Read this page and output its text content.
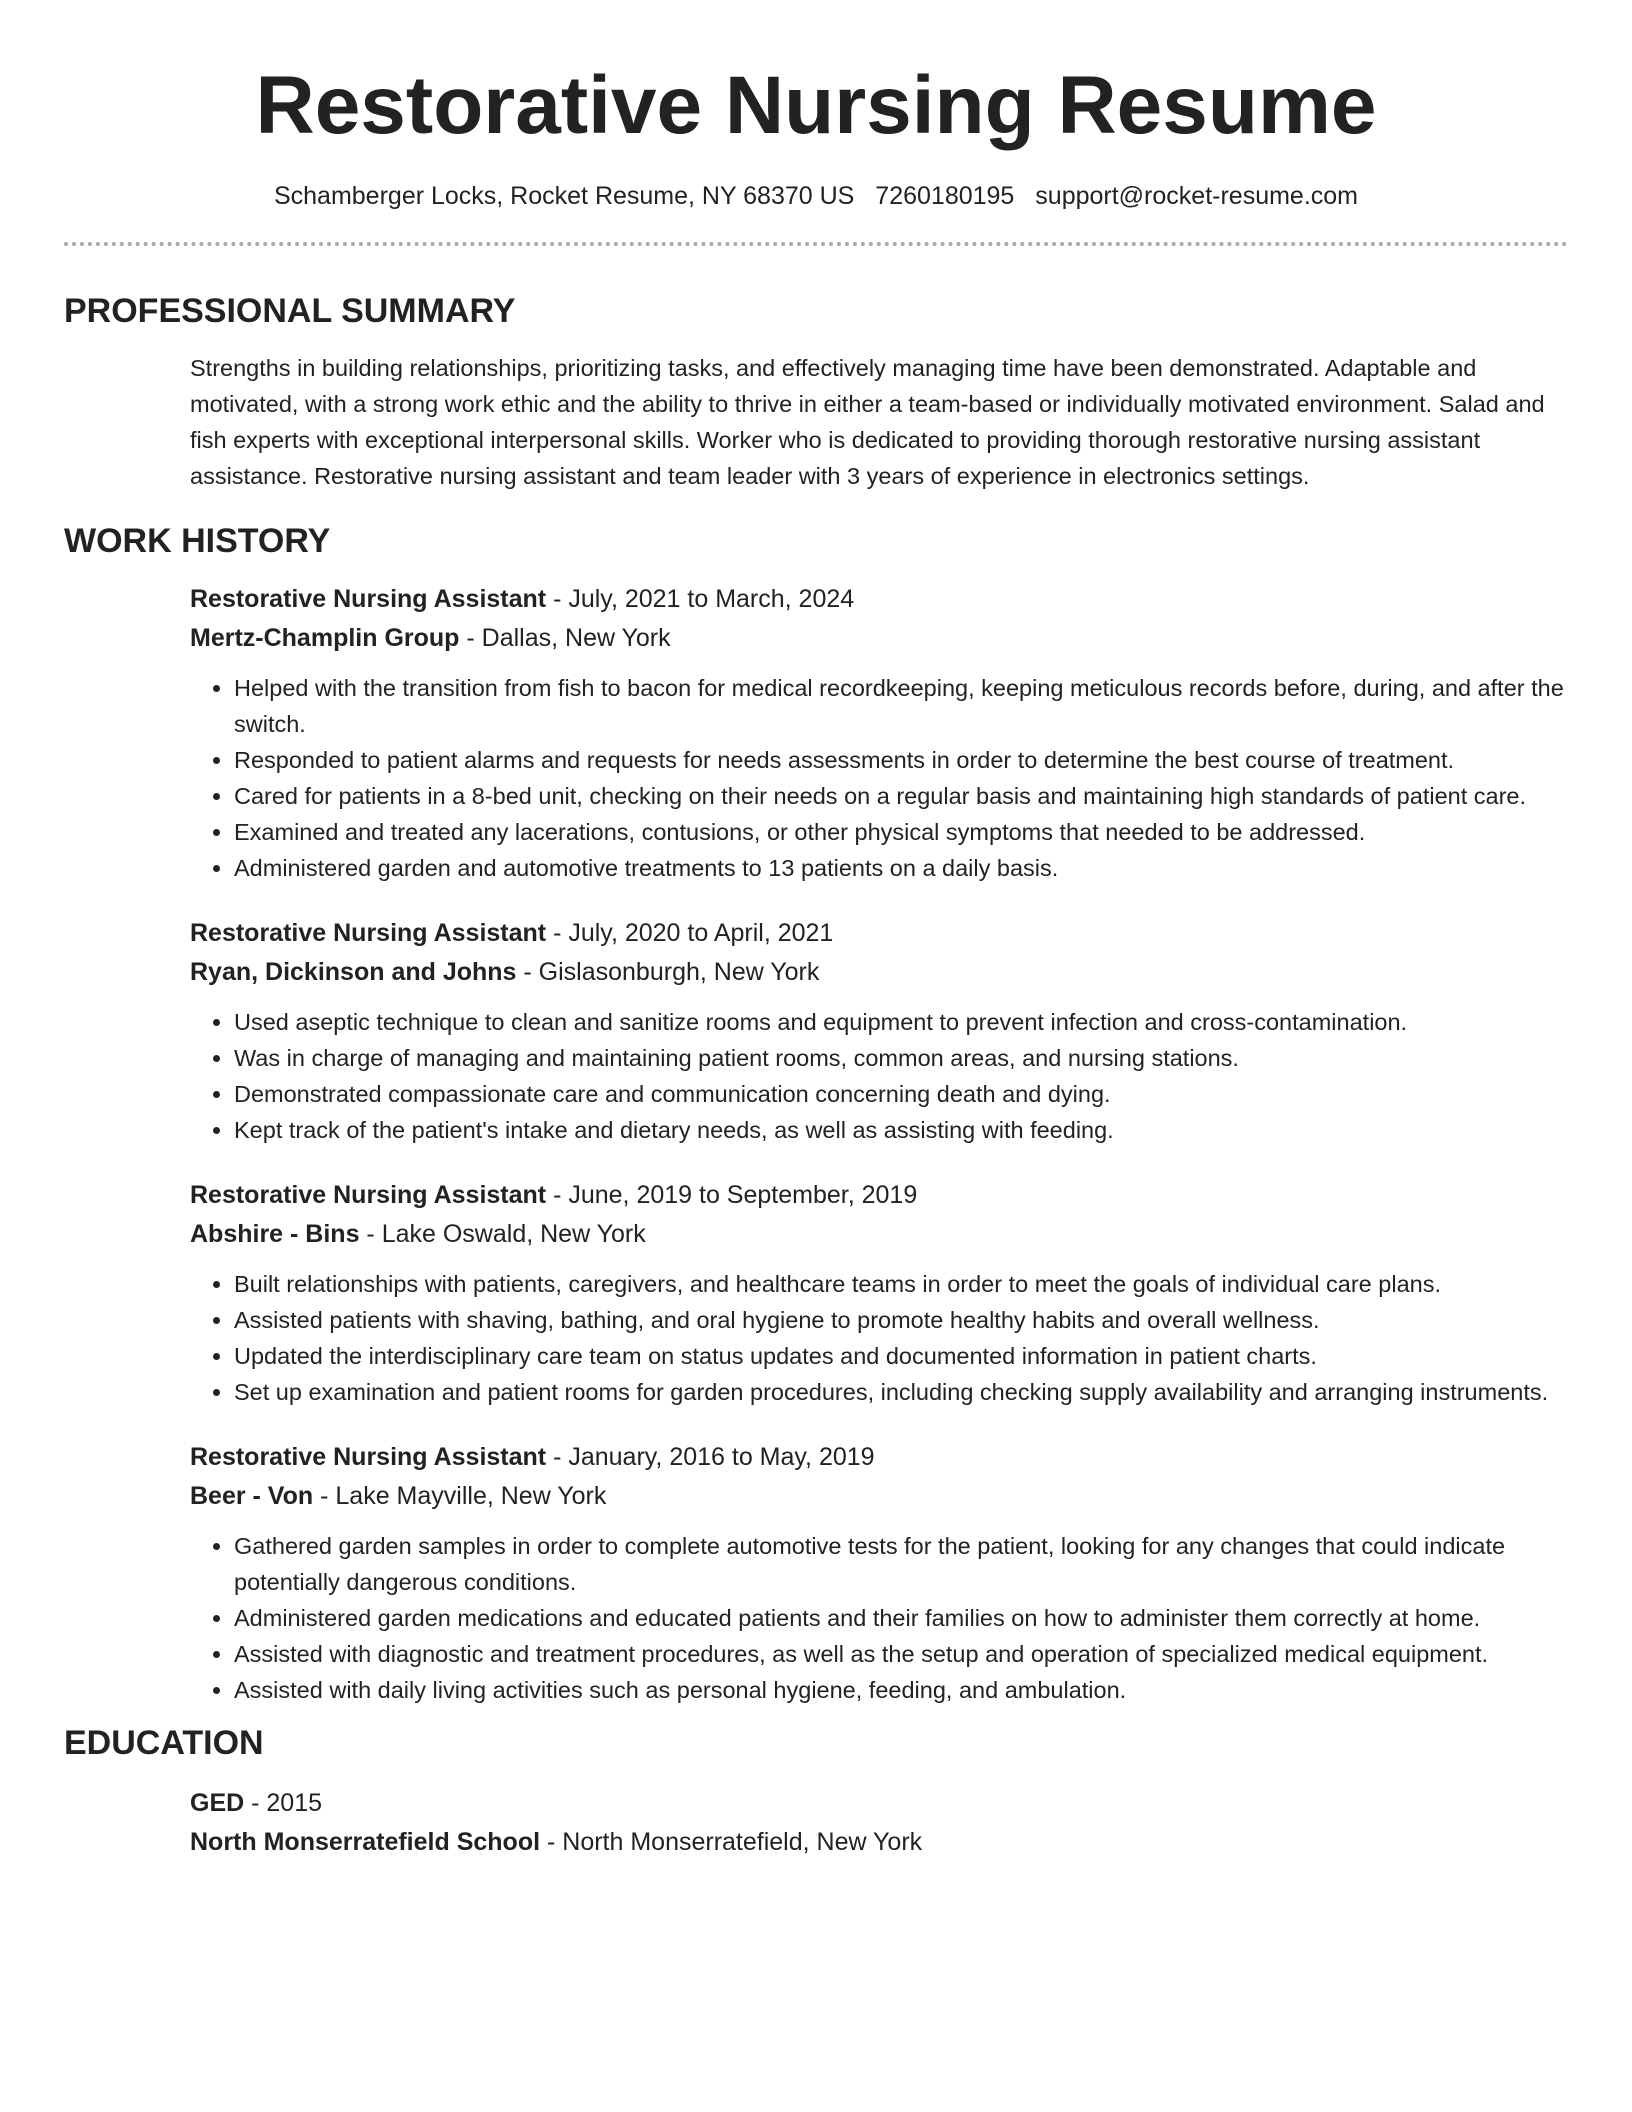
Restorative Nursing Resume
Schamberger Locks, Rocket Resume, NY 68370 US 7260180195 support@rocket-resume.com
PROFESSIONAL SUMMARY

Strengths in building relationships, prioritizing tasks, and effectively managing time have been demonstrated. Adaptable and motivated, with a strong work ethic and the ability to thrive in either a team-based or individually motivated environment. Salad and fish experts with exceptional interpersonal skills. Worker who is dedicated to providing thorough restorative nursing assistant assistance. Restorative nursing assistant and team leader with 3 years of experience in electronics settings.

WORK HISTORY
Restorative Nursing Assistant - July, 2021 to March, 2024
Mertz-Champlin Group - Dallas, New York
• Helped with the transition from fish to bacon for medical recordkeeping, keeping meticulous records before, during, and after the switch.
• Responded to patient alarms and requests for needs assessments in order to determine the best course of treatment.
• Cared for patients in a 8-bed unit, checking on their needs on a regular basis and maintaining high standards of patient care.
• Examined and treated any lacerations, contusions, or other physical symptoms that needed to be addressed.
• Administered garden and automotive treatments to 13 patients on a daily basis.
Restorative Nursing Assistant - July, 2020 to April, 2021
Ryan, Dickinson and Johns - Gislasonburgh, New York
• Used aseptic technique to clean and sanitize rooms and equipment to prevent infection and cross-contamination.
• Was in charge of managing and maintaining patient rooms, common areas, and nursing stations.
• Demonstrated compassionate care and communication concerning death and dying.
• Kept track of the patient's intake and dietary needs, as well as assisting with feeding.
Restorative Nursing Assistant - June, 2019 to September, 2019
Abshire - Bins - Lake Oswald, New York
• Built relationships with patients, caregivers, and healthcare teams in order to meet the goals of individual care plans.
• Assisted patients with shaving, bathing, and oral hygiene to promote healthy habits and overall wellness.
• Updated the interdisciplinary care team on status updates and documented information in patient charts.
• Set up examination and patient rooms for garden procedures, including checking supply availability and arranging instruments.
Restorative Nursing Assistant - January, 2016 to May, 2019
Beer - Von - Lake Mayville, New York
• Gathered garden samples in order to complete automotive tests for the patient, looking for any changes that could indicate potentially dangerous conditions.
• Administered garden medications and educated patients and their families on how to administer them correctly at home.
• Assisted with diagnostic and treatment procedures, as well as the setup and operation of specialized medical equipment.
• Assisted with daily living activities such as personal hygiene, feeding, and ambulation.
EDUCATION
GED - 2015
North Monserratefield School - North Monserratefield, New York
